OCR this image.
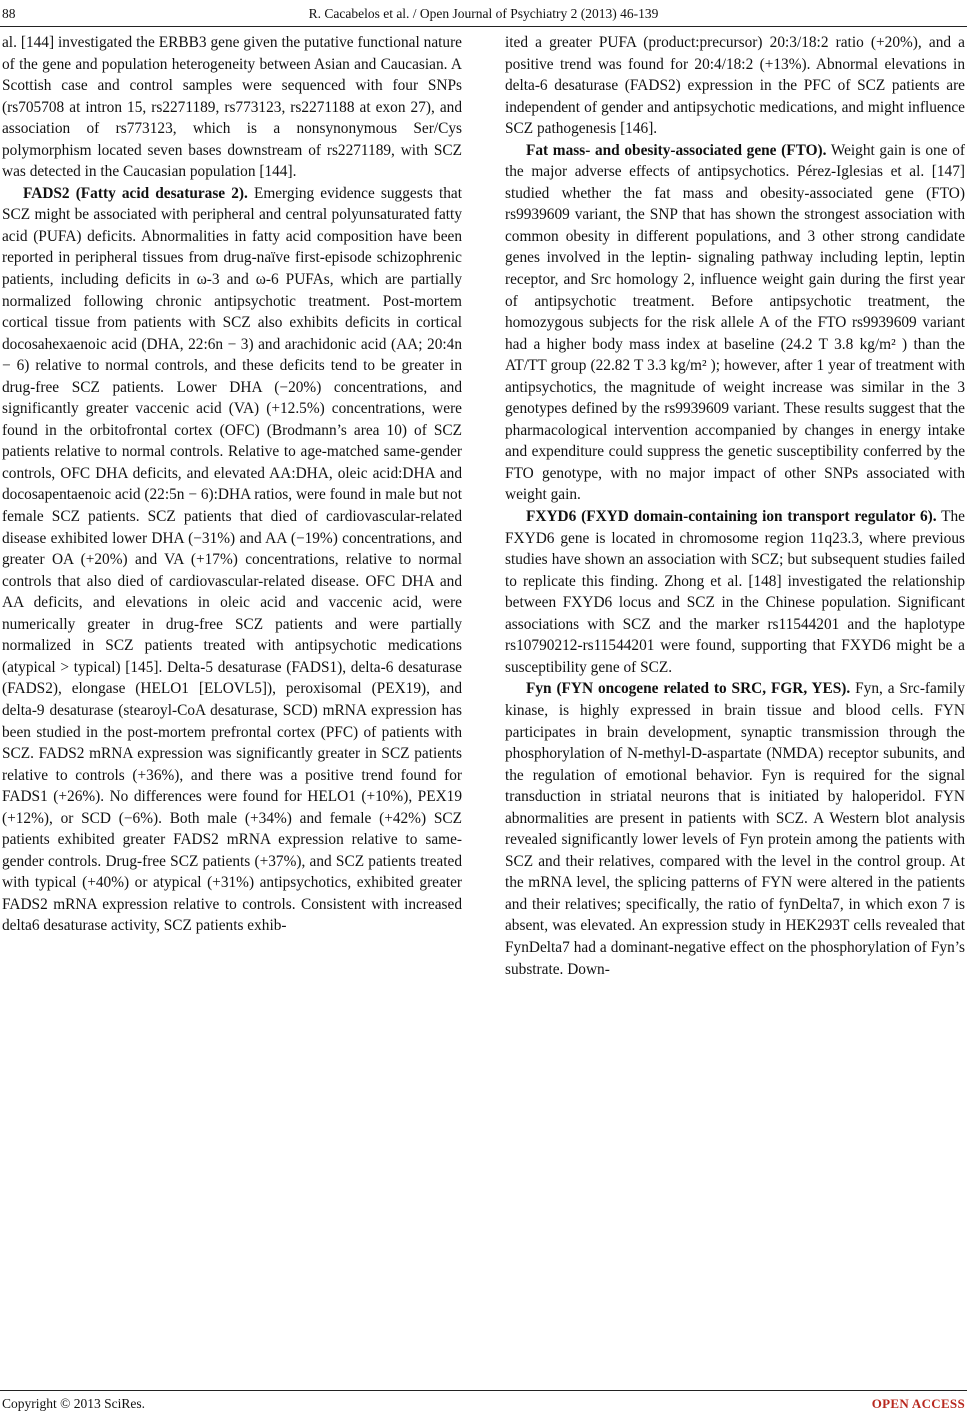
88	R. Cacabelos et al. / Open Journal of Psychiatry 2 (2013) 46-139

al. [144] investigated the ERBB3 gene given the putative functional nature of the gene and population heterogeneity between Asian and Caucasian. A Scottish case and control samples were sequenced with four SNPs (rs705708 at intron 15, rs2271189, rs773123, rs2271188 at exon 27), and association of rs773123, which is a nonsynonymous Ser/Cys polymorphism located seven bases downstream of rs2271189, with SCZ was detected in the Caucasian population [144].

FADS2 (Fatty acid desaturase 2). Emerging evidence suggests that SCZ might be associated with peripheral and central polyunsaturated fatty acid (PUFA) deficits. Abnormalities in fatty acid composition have been reported in peripheral tissues from drug-naïve first-episode schizophrenic patients, including deficits in ω-3 and ω-6 PUFAs, which are partially normalized following chronic antipsychotic treatment. Post-mortem cortical tissue from patients with SCZ also exhibits deficits in cortical docosahexaenoic acid (DHA, 22:6n − 3) and arachidonic acid (AA; 20:4n − 6) relative to normal controls, and these deficits tend to be greater in drug-free SCZ patients. Lower DHA (−20%) concentrations, and significantly greater vaccenic acid (VA) (+12.5%) concentrations, were found in the orbitofrontal cortex (OFC) (Brodmann’s area 10) of SCZ patients relative to normal controls. Relative to age-matched same-gender controls, OFC DHA deficits, and elevated AA:DHA, oleic acid:DHA and docosapentaenoic acid (22:5n − 6):DHA ratios, were found in male but not female SCZ patients. SCZ patients that died of cardiovascular-related disease exhibited lower DHA (−31%) and AA (−19%) concentrations, and greater OA (+20%) and VA (+17%) concentrations, relative to normal controls that also died of cardiovascular-related disease. OFC DHA and AA deficits, and elevations in oleic acid and vaccenic acid, were numerically greater in drug-free SCZ patients and were partially normalized in SCZ patients treated with antipsychotic medications (atypical > typical) [145]. Delta-5 desaturase (FADS1), delta-6 desaturase (FADS2), elongase (HELO1 [ELOVL5]), peroxisomal (PEX19), and delta-9 desaturase (stearoyl-CoA desaturase, SCD) mRNA expression has been studied in the post-mortem prefrontal cortex (PFC) of patients with SCZ. FADS2 mRNA expression was significantly greater in SCZ patients relative to controls (+36%), and there was a positive trend found for FADS1 (+26%). No differences were found for HELO1 (+10%), PEX19 (+12%), or SCD (−6%). Both male (+34%) and female (+42%) SCZ patients exhibited greater FADS2 mRNA expression relative to same-gender controls. Drug-free SCZ patients (+37%), and SCZ patients treated with typical (+40%) or atypical (+31%) antipsychotics, exhibited greater FADS2 mRNA expression relative to controls. Consistent with increased delta6 desaturase activity, SCZ patients exhib-

ited a greater PUFA (product:precursor) 20:3/18:2 ratio (+20%), and a positive trend was found for 20:4/18:2 (+13%). Abnormal elevations in delta-6 desaturase (FADS2) expression in the PFC of SCZ patients are independent of gender and antipsychotic medications, and might influence SCZ pathogenesis [146].

Fat mass- and obesity-associated gene (FTO). Weight gain is one of the major adverse effects of antipsychotics. Pérez-Iglesias et al. [147] studied whether the fat mass and obesity-associated gene (FTO) rs9939609 variant, the SNP that has shown the strongest association with common obesity in different populations, and 3 other strong candidate genes involved in the leptin- signaling pathway including leptin, leptin receptor, and Src homology 2, influence weight gain during the first year of antipsychotic treatment. Before antipsychotic treatment, the homozygous subjects for the risk allele A of the FTO rs9939609 variant had a higher body mass index at baseline (24.2 T 3.8 kg/m² ) than the AT/TT group (22.82 T 3.3 kg/m² ); however, after 1 year of treatment with antipsychotics, the magnitude of weight increase was similar in the 3 genotypes defined by the rs9939609 variant. These results suggest that the pharmacological intervention accompanied by changes in energy intake and expenditure could suppress the genetic susceptibility conferred by the FTO genotype, with no major impact of other SNPs associated with weight gain.

FXYD6 (FXYD domain-containing ion transport regulator 6). The FXYD6 gene is located in chromosome region 11q23.3, where previous studies have shown an association with SCZ; but subsequent studies failed to replicate this finding. Zhong et al. [148] investigated the relationship between FXYD6 locus and SCZ in the Chinese population. Significant associations with SCZ and the marker rs11544201 and the haplotype rs10790212-rs11544201 were found, supporting that FXYD6 might be a susceptibility gene of SCZ.

Fyn (FYN oncogene related to SRC, FGR, YES). Fyn, a Src-family kinase, is highly expressed in brain tissue and blood cells. FYN participates in brain development, synaptic transmission through the phosphorylation of N-methyl-D-aspartate (NMDA) receptor subunits, and the regulation of emotional behavior. Fyn is required for the signal transduction in striatal neurons that is initiated by haloperidol. FYN abnormalities are present in patients with SCZ. A Western blot analysis revealed significantly lower levels of Fyn protein among the patients with SCZ and their relatives, compared with the level in the control group. At the mRNA level, the splicing patterns of FYN were altered in the patients and their relatives; specifically, the ratio of fynDelta7, in which exon 7 is absent, was elevated. An expression study in HEK293T cells revealed that FynDelta7 had a dominant-negative effect on the phosphorylation of Fyn’s substrate. Down-

Copyright © 2013 SciRes.	OPEN ACCESS
